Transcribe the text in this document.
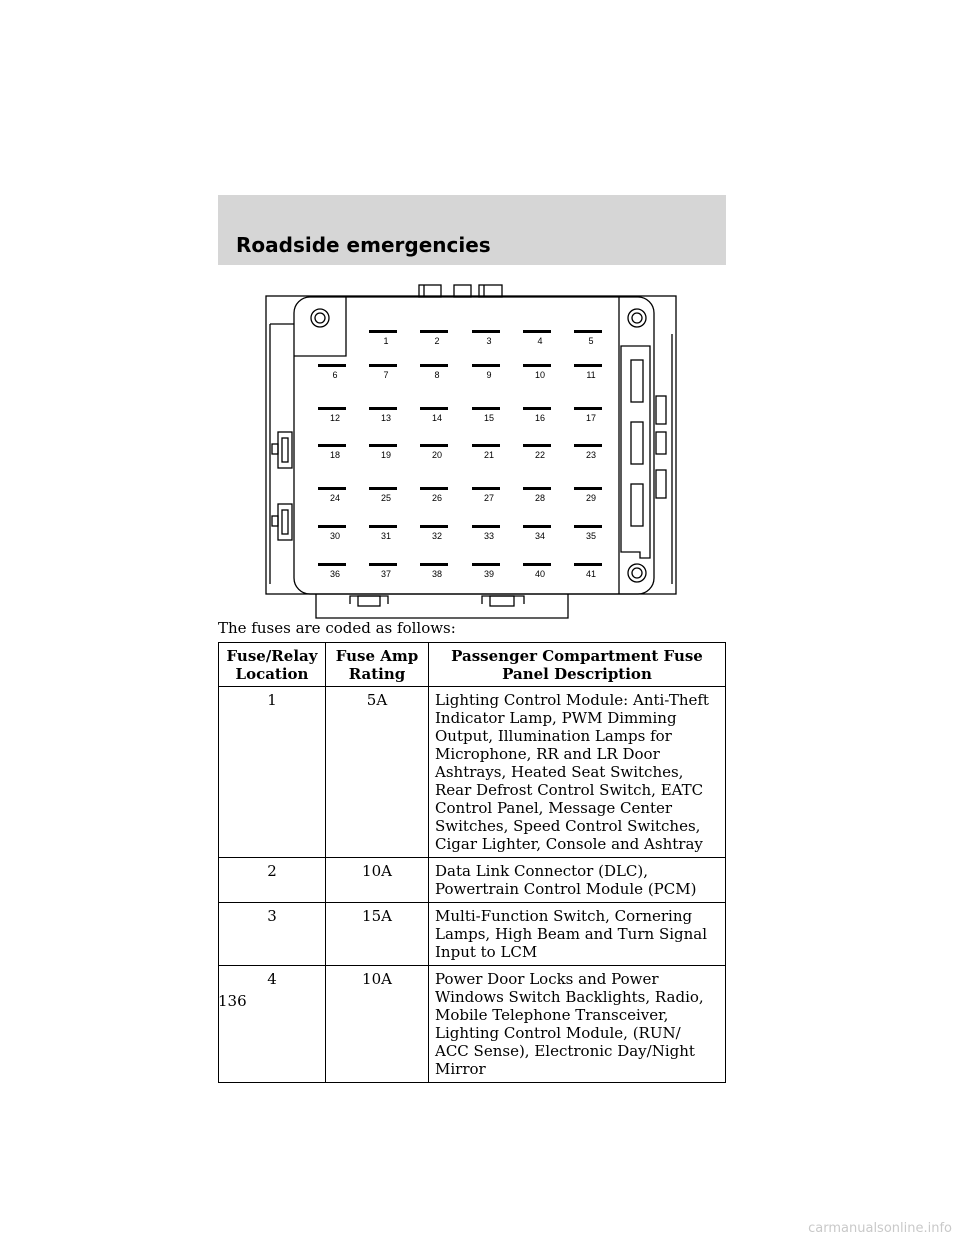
Roadside emergencies
1	2	3	4	5
6	7	8	9	10	11
12	13	14	15	16	17
18	19	20	21	22	23
24	25	26	27	28	29
30	31	32	33	34	35
36	37	38	39	40	41

The fuses are coded as follows:

Fuse/Relay Location	Fuse Amp Rating	Passenger Compartment Fuse Panel Description
1	5A	Lighting Control Module: Anti-Theft Indicator Lamp, PWM Dimming Output, Illumination Lamps for Microphone, RR and LR Door Ashtrays, Heated Seat Switches, Rear Defrost Control Switch, EATC Control Panel, Message Center Switches, Speed Control Switches, Cigar Lighter, Console and Ashtray
2	10A	Data Link Connector (DLC), Powertrain Control Module (PCM)
3	15A	Multi-Function Switch, Cornering Lamps, High Beam and Turn Signal Input to LCM
4	10A	Power Door Locks and Power Windows Switch Backlights, Radio, Mobile Telephone Transceiver, Lighting Control Module, (RUN/ ACC Sense), Electronic Day/Night Mirror

136

carmanualsonline.info
